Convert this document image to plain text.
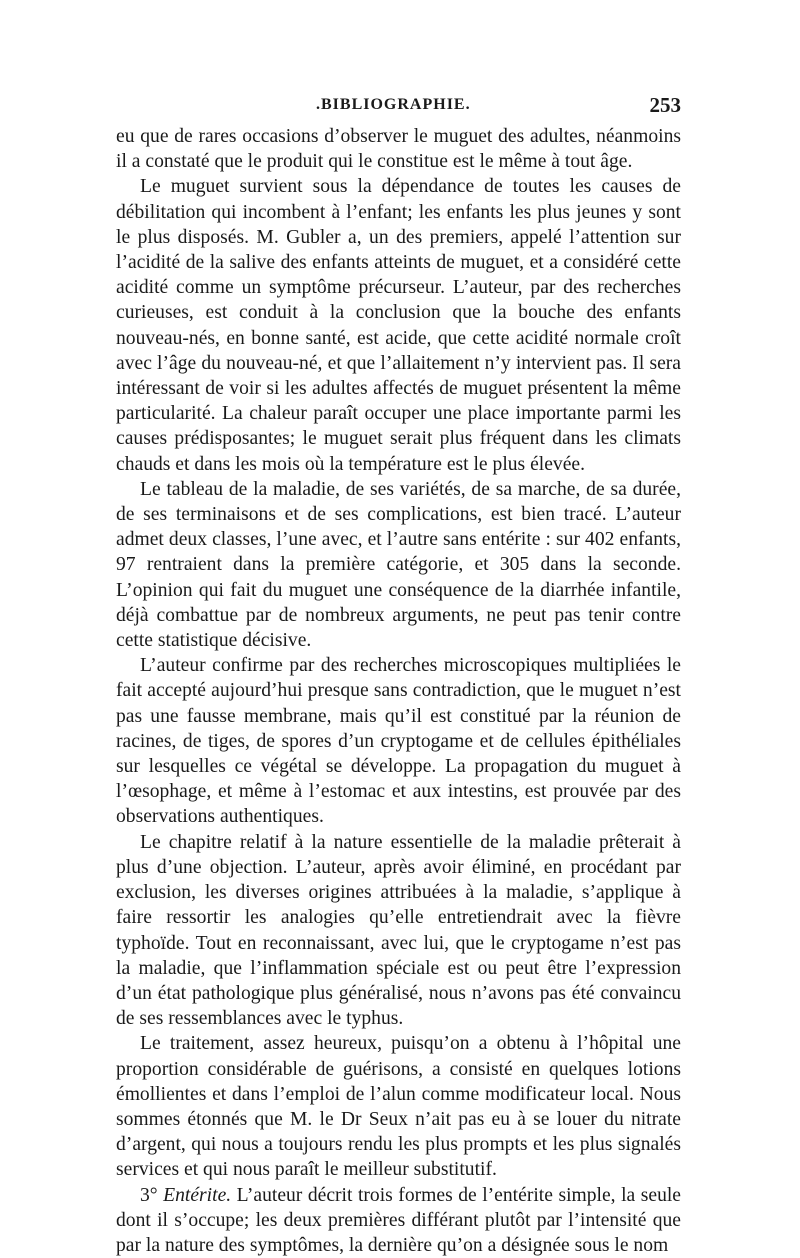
.BIBLIOGRAPHIE.	253

eu que de rares occasions d’observer le muguet des adultes, néanmoins il a constaté que le produit qui le constitue est le même à tout âge.

Le muguet survient sous la dépendance de toutes les causes de débilitation qui incombent à l’enfant; les enfants les plus jeunes y sont le plus disposés. M. Gubler a, un des premiers, appelé l’attention sur l’acidité de la salive des enfants atteints de muguet, et a considéré cette acidité comme un symptôme précurseur. L’auteur, par des recherches curieuses, est conduit à la conclusion que la bouche des enfants nouveau-nés, en bonne santé, est acide, que cette acidité normale croît avec l’âge du nouveau-né, et que l’allaitement n’y intervient pas. Il sera intéressant de voir si les adultes affectés de muguet présentent la même particularité. La chaleur paraît occuper une place importante parmi les causes prédisposantes; le muguet serait plus fréquent dans les climats chauds et dans les mois où la température est le plus élevée.

Le tableau de la maladie, de ses variétés, de sa marche, de sa durée, de ses terminaisons et de ses complications, est bien tracé. L’auteur admet deux classes, l’une avec, et l’autre sans entérite : sur 402 enfants, 97 rentraient dans la première catégorie, et 305 dans la seconde. L’opinion qui fait du muguet une conséquence de la diarrhée infantile, déjà combattue par de nombreux arguments, ne peut pas tenir contre cette statistique décisive.

L’auteur confirme par des recherches microscopiques multipliées le fait accepté aujourd’hui presque sans contradiction, que le muguet n’est pas une fausse membrane, mais qu’il est constitué par la réunion de racines, de tiges, de spores d’un cryptogame et de cellules épithéliales sur lesquelles ce végétal se développe. La propagation du muguet à l’œsophage, et même à l’estomac et aux intestins, est prouvée par des observations authentiques.

Le chapitre relatif à la nature essentielle de la maladie prêterait à plus d’une objection. L’auteur, après avoir éliminé, en procédant par exclusion, les diverses origines attribuées à la maladie, s’applique à faire ressortir les analogies qu’elle entretiendrait avec la fièvre typhoïde. Tout en reconnaissant, avec lui, que le cryptogame n’est pas la maladie, que l’inflammation spéciale est ou peut être l’expression d’un état pathologique plus généralisé, nous n’avons pas été convaincu de ses ressemblances avec le typhus.

Le traitement, assez heureux, puisqu’on a obtenu à l’hôpital une proportion considérable de guérisons, a consisté en quelques lotions émollientes et dans l’emploi de l’alun comme modificateur local. Nous sommes étonnés que M. le Dr Seux n’ait pas eu à se louer du nitrate d’argent, qui nous a toujours rendu les plus prompts et les plus signalés services et qui nous paraît le meilleur substitutif.

3° Entérite. L’auteur décrit trois formes de l’entérite simple, la seule dont il s’occupe; les deux premières différant plutôt par l’intensité que par la nature des symptômes, la dernière qu’on a désignée sous le nom
